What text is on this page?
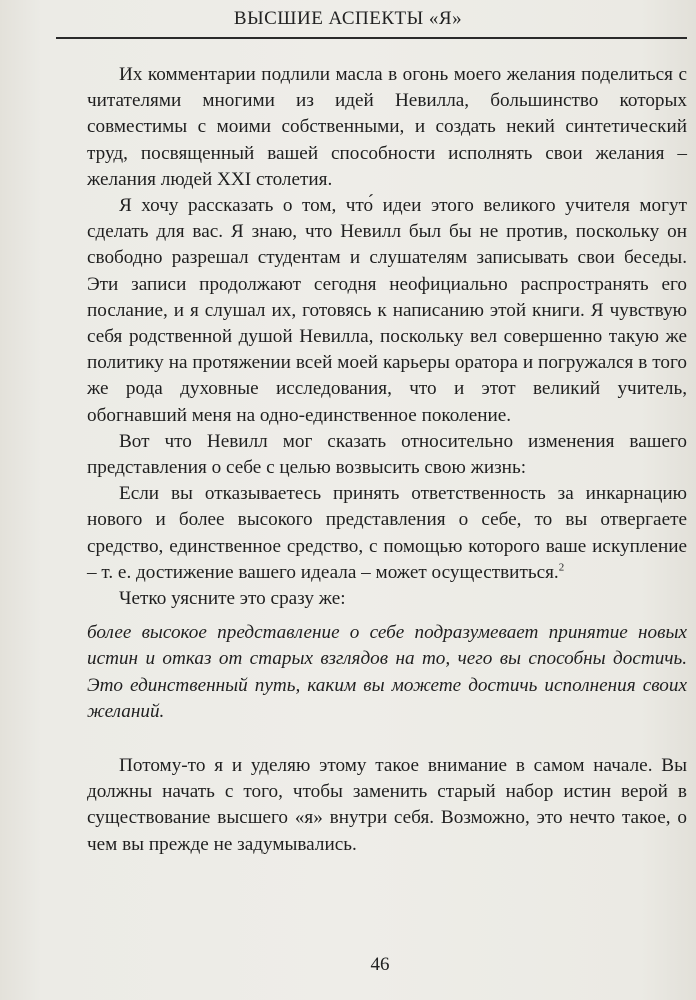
ВЫСШИЕ АСПЕКТЫ «Я»

Их комментарии подлили масла в огонь моего желания поделиться с читателями многими из идей Невилла, большинство которых совместимы с моими собственными, и создать некий синтетический труд, посвященный вашей способности исполнять свои желания – желания людей XXI столетия.

Я хочу рассказать о том, что́ идеи этого великого учителя могут сделать для вас. Я знаю, что Невилл был бы не против, поскольку он свободно разрешал студентам и слушателям записывать свои беседы. Эти записи продолжают сегодня неофициально распространять его послание, и я слушал их, готовясь к написанию этой книги. Я чувствую себя родственной душой Невилла, поскольку вел совершенно такую же политику на протяжении всей моей карьеры оратора и погружался в того же рода духовные исследования, что и этот великий учитель, обогнавший меня на одно-единственное поколение.

Вот что Невилл мог сказать относительно изменения вашего представления о себе с целью возвысить свою жизнь:

Если вы отказываетесь принять ответственность за инкарнацию нового и более высокого представления о себе, то вы отвергаете средство, единственное средство, с помощью которого ваше искупление – т. е. достижение вашего идеала – может осуществиться.$^2$

Четко уясните это сразу же:

более высокое представление о себе подразумевает принятие новых истин и отказ от старых взглядов на то, чего вы способны достичь. Это единственный путь, каким вы можете достичь исполнения своих желаний.

Потому-то я и уделяю этому такое внимание в самом начале. Вы должны начать с того, чтобы заменить старый набор истин верой в существование высшего «я» внутри себя. Возможно, это нечто такое, о чем вы прежде не задумывались.

46
